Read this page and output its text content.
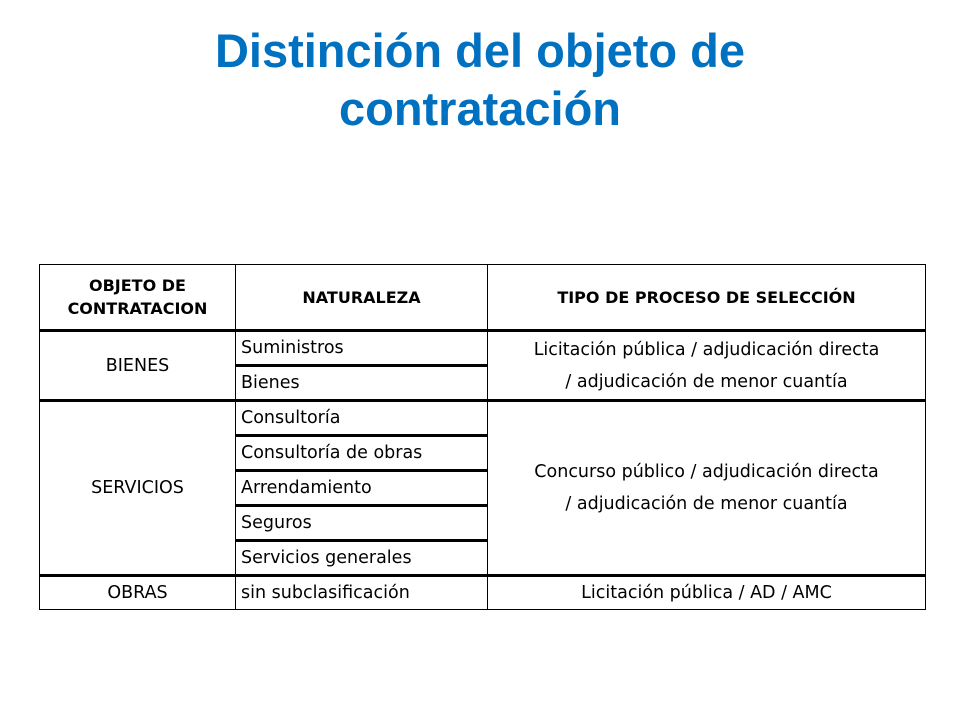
Distinción del objeto de
contratación
OBJETO DE
CONTRATACION	NATURALEZA	TIPO DE PROCESO DE SELECCIÓN
BIENES	Suministros	Licitación pública / adjudicación directa
/ adjudicación de menor cuantía

	Bienes	
SERVICIOS	Consultoría	Concurso público / adjudicación directa
/ adjudicación de menor cuantía

	Consultoría de obras	
	Arrendamiento	
	Seguros	
	Servicios generales	
OBRAS	sin subclasificación	Licitación pública / AD / AMC
